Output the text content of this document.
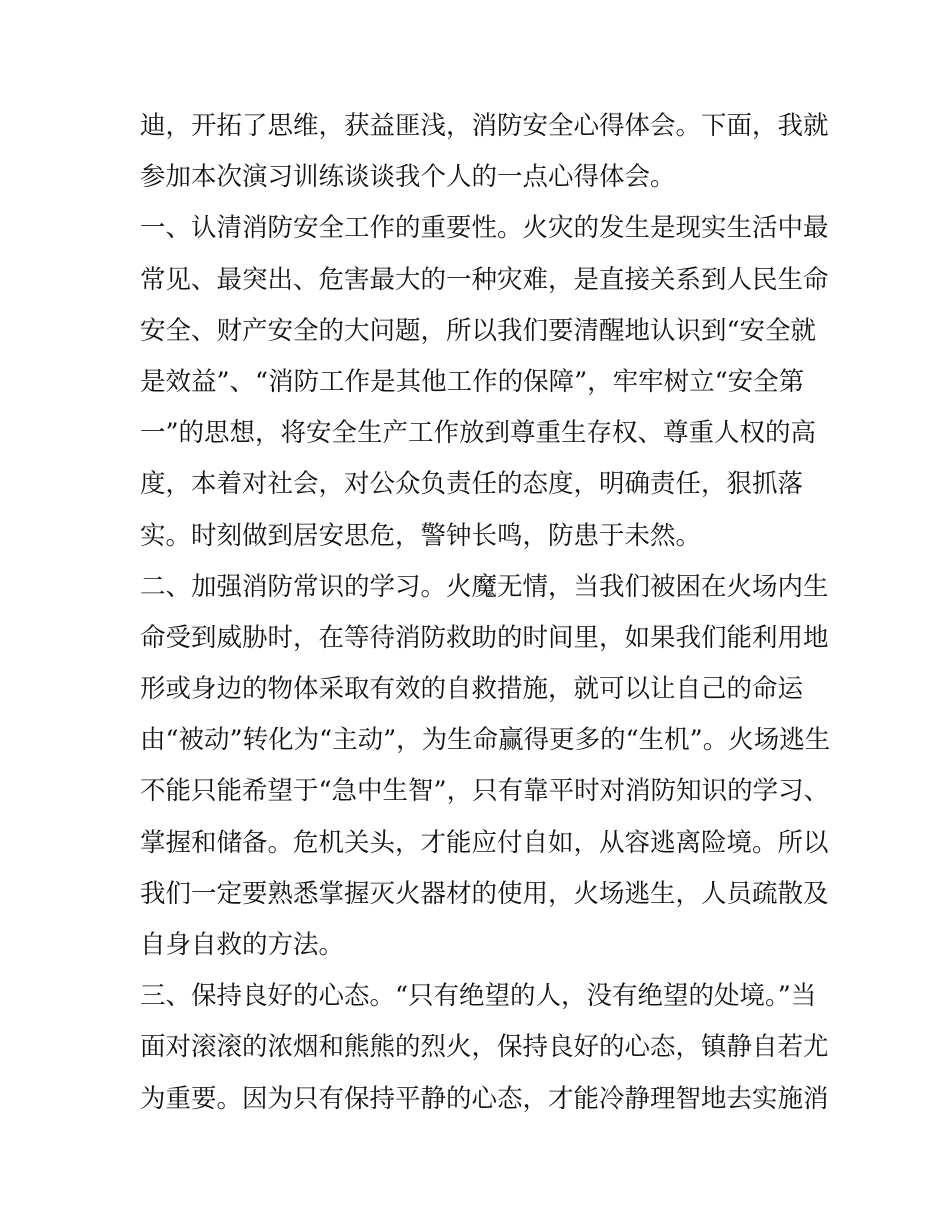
迪，开拓了思维，获益匪浅，消防安全心得体会。下面，我就
参加本次演习训练谈谈我个人的一点心得体会。
一、认清消防安全工作的重要性。火灾的发生是现实生活中最
常见、最突出、危害最大的一种灾难，是直接关系到人民生命
安全、财产安全的大问题，所以我们要清醒地认识到“安全就
是效益”、“消防工作是其他工作的保障”，牢牢树立“安全第
一”的思想，将安全生产工作放到尊重生存权、尊重人权的高
度，本着对社会，对公众负责任的态度，明确责任，狠抓落
实。时刻做到居安思危，警钟长鸣，防患于未然。
二、加强消防常识的学习。火魔无情，当我们被困在火场内生
命受到威胁时，在等待消防救助的时间里，如果我们能利用地
形或身边的物体采取有效的自救措施，就可以让自己的命运
由“被动”转化为“主动”，为生命赢得更多的“生机”。火场逃生
不能只能希望于“急中生智”，只有靠平时对消防知识的学习、
掌握和储备。危机关头，才能应付自如，从容逃离险境。所以
我们一定要熟悉掌握灭火器材的使用，火场逃生，人员疏散及
自身自救的方法。
三、保持良好的心态。“只有绝望的人，没有绝望的处境。”当
面对滚滚的浓烟和熊熊的烈火，保持良好的心态，镇静自若尤
为重要。因为只有保持平静的心态，才能冷静理智地去实施消
